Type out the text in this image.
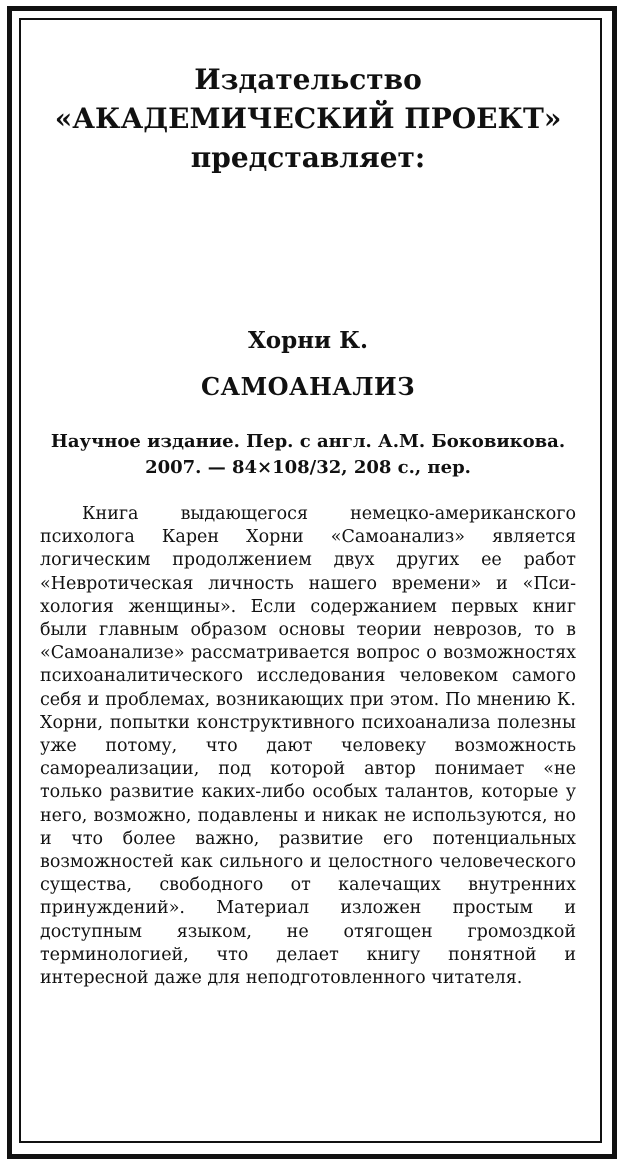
Издательство
«АКАДЕМИЧЕСКИЙ ПРОЕКТ»
представляет:
Хорни К.
САМОАНАЛИЗ
Научное издание. Пер. с англ. А.М. Боковикова.
2007. — 84×108/32, 208 с., пер.

Книга выдающегося немецко-американского психолога Карен Хорни «Самоанализ» является логическим продолжением двух других ее работ «Невротическая личность нашего времени» и «Психология женщины». Если содержанием первых книг были главным образом основы теории неврозов, то в «Самоанализе» рассматривается вопрос о возможностях психоаналитического исследования человеком самого себя и проблемах, возникающих при этом. По мнению К. Хорни, попытки конструктивного психоанализа полезны уже потому, что дают человеку возможность самореализации, под которой автор понимает «не только развитие каких-либо особых талантов, которые у него, возможно, подавлены и никак не используются, но и что более важно, развитие его потенциальных возможностей как сильного и целостного человеческого существа, свободного от калечащих внутренних принуждений». Материал изложен простым и доступным языком, не отягощен громоздкой терминологией, что делает книгу понятной и интересной даже для неподготовленного читателя.
